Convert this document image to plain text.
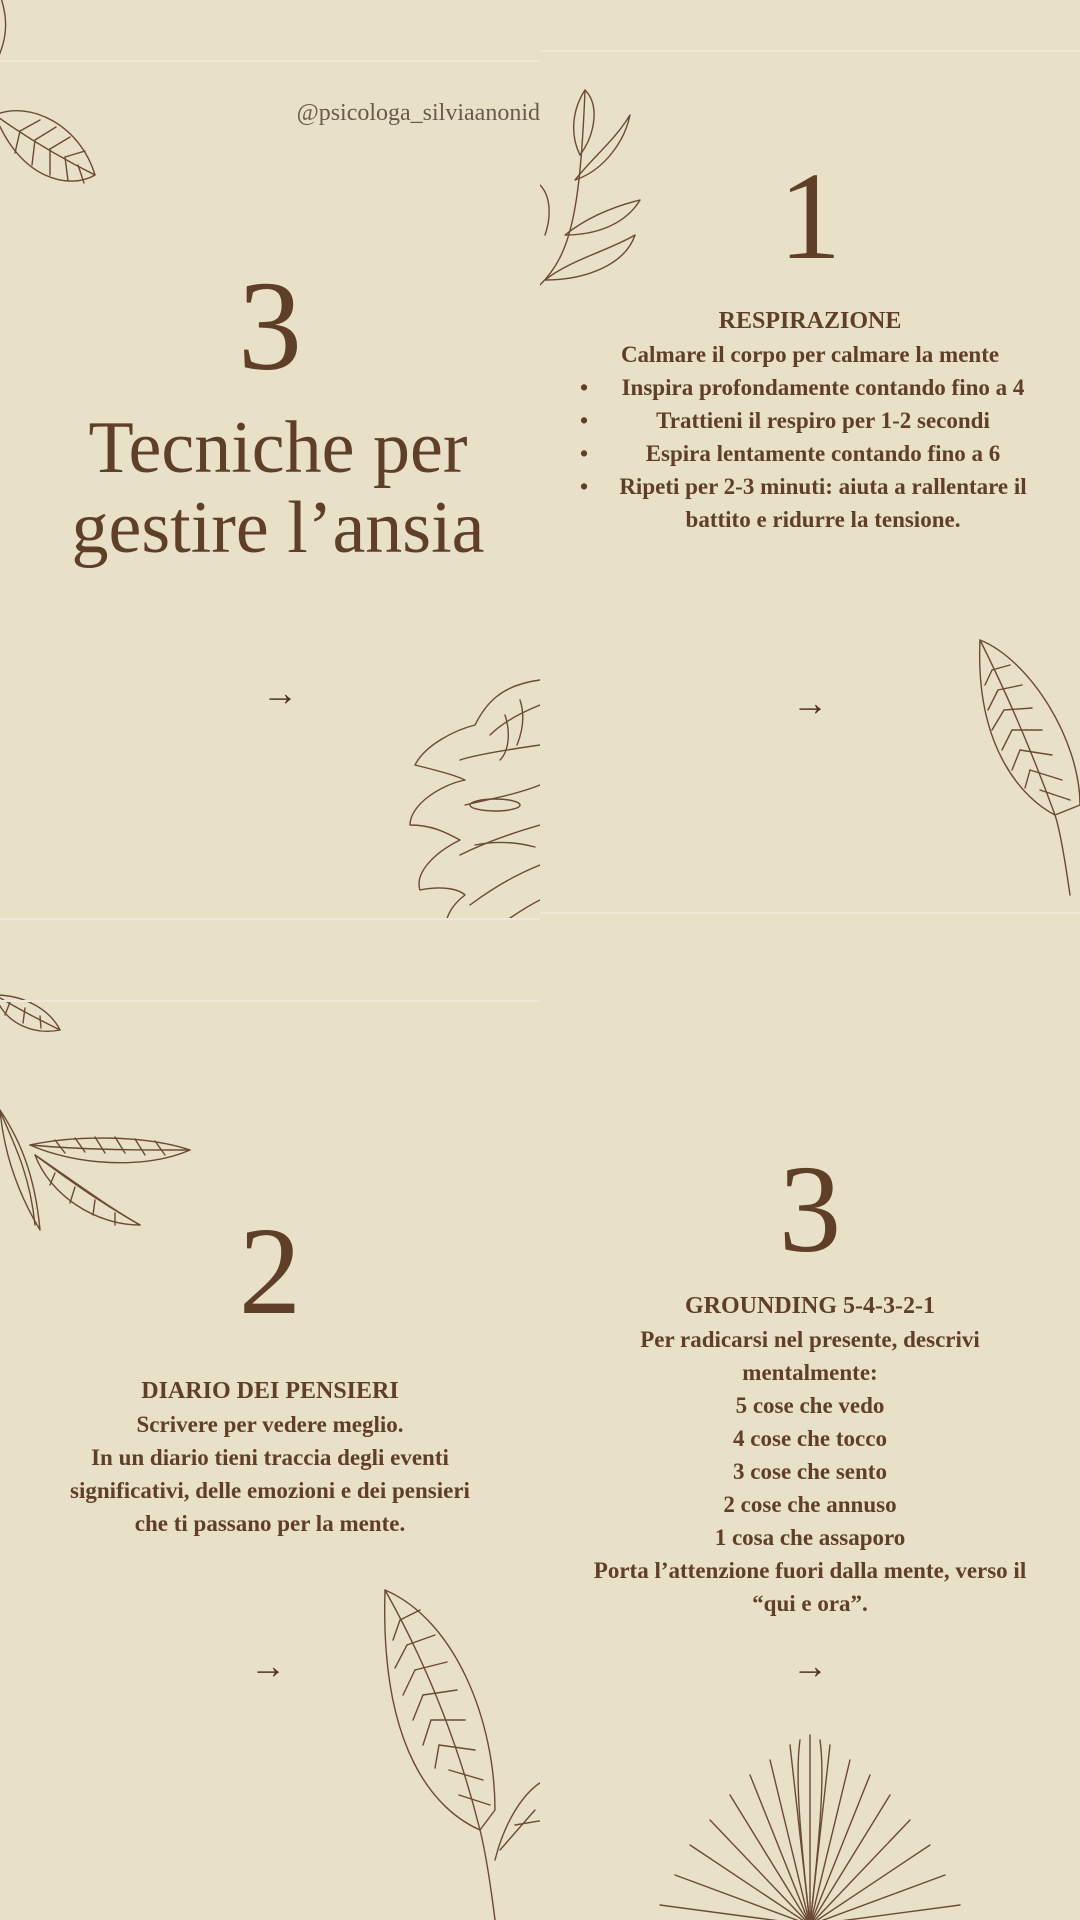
@psicologa_silviaanonid
3
Tecniche per
gestire l’ansia
→
1
RESPIRAZIONE
Calmare il corpo per calmare la mente
• Inspira profondamente contando fino a 4
•	Trattieni il respiro per 1-2 secondi
•	Espira lentamente contando fino a 6
• Ripeti per 2-3 minuti: aiuta a rallentare il battito e ridurre la tensione.
→
2
DIARIO DEI PENSIERI
Scrivere per vedere meglio.
In un diario tieni traccia degli eventi
significativi, delle emozioni e dei pensieri
che ti passano per la mente.
→
3
GROUNDING 5-4-3-2-1
Per radicarsi nel presente, descrivi
mentalmente:
5 cose che vedo
4 cose che tocco
3 cose che sento
2 cose che annuso
1 cosa che assaporo
Porta l’attenzione fuori dalla mente, verso il
“qui e ora”.
→
